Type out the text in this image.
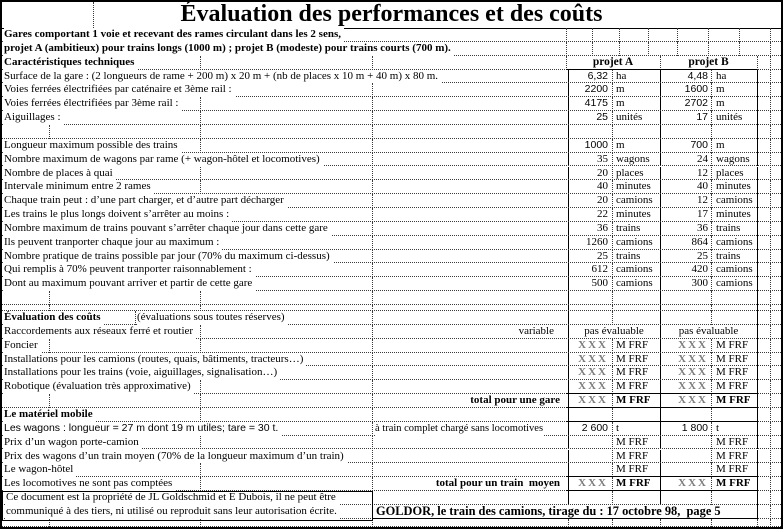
Évaluation des performances et des coûts
Gares comportant 1 voie et recevant des rames circulant dans les 2 sens,
projet A (ambitieux) pour trains longs (1000 m) ; projet B (modeste) pour trains courts (700 m).
Caractéristiques techniques	projet A	projet B
Surface de la gare : (2 longueurs de rame + 200 m) x 20 m + (nb de places x 10 m + 40 m) x 80 m.	6,32 ha	4,48 ha
Voies ferrées électrifiées par caténaire et 3ème rail :	2200 m	1600 m
Voies ferrées électrifiées par 3ème rail :	4175 m	2702 m
Aiguillages :	25 unités	17 unités
Longueur maximum possible des trains	1000 m	700 m
Nombre maximum de wagons par rame (+ wagon-hôtel et locomotives)	35 wagons	24 wagons
Nombre de places à quai	20 places	12 places
Intervale minimum entre 2 rames	40 minutes	40 minutes
Chaque train peut : d’une part charger, et d’autre part décharger	20 camions	12 camions
Les trains le plus longs doivent s’arrêter au moins :	22 minutes	17 minutes
Nombre maximum de trains pouvant s’arrêter chaque jour dans cette gare	36 trains	36 trains
Ils peuvent tranporter chaque jour au maximum :	1260 camions	864 camions
Nombre pratique de trains possible par jour (70% du maximum ci-dessus)	25 trains	25 trains
Qui remplis à 70% peuvent tranporter raisonnablement :	612 camions	420 camions
Dont au maximum pouvant arriver et partir de cette gare	500 camions	300 camions
Évaluation des coûts	(évaluations sous toutes réserves)
Raccordements aux réseaux ferré et routier	variable	pas évaluable	pas évaluable
Foncier	XXX M FRF	XXX M FRF
Installations pour les camions (routes, quais, bâtiments, tracteurs…)	XXX M FRF	XXX M FRF
Installations pour les trains (voie, aiguillages, signalisation…)	XXX M FRF	XXX M FRF
Robotique (évaluation très approximative)	XXX M FRF	XXX M FRF
total pour une gare	XXX M FRF	XXX M FRF
Le matériel mobile
Les wagons : longueur = 27 m dont 19 m utiles; tare = 30 t.	à train complet chargé sans locomotives	2 600 t	1 800 t
Prix d’un wagon porte-camion	M FRF	M FRF
Prix des wagons d’un train moyen (70% de la longueur maximum d’un train)	M FRF	M FRF
Le wagon-hôtel	M FRF	M FRF
Les locomotives ne sont pas comptées	total pour un train  moyen	XXX M FRF	XXX M FRF
Ce document est la propriété de JL Goldschmid et E Dubois, il ne peut être
communiqué à des tiers, ni utilisé ou reproduit sans leur autorisation écrite.	GOLDOR, le train des camions, tirage du : 17 octobre 98,  page 5
